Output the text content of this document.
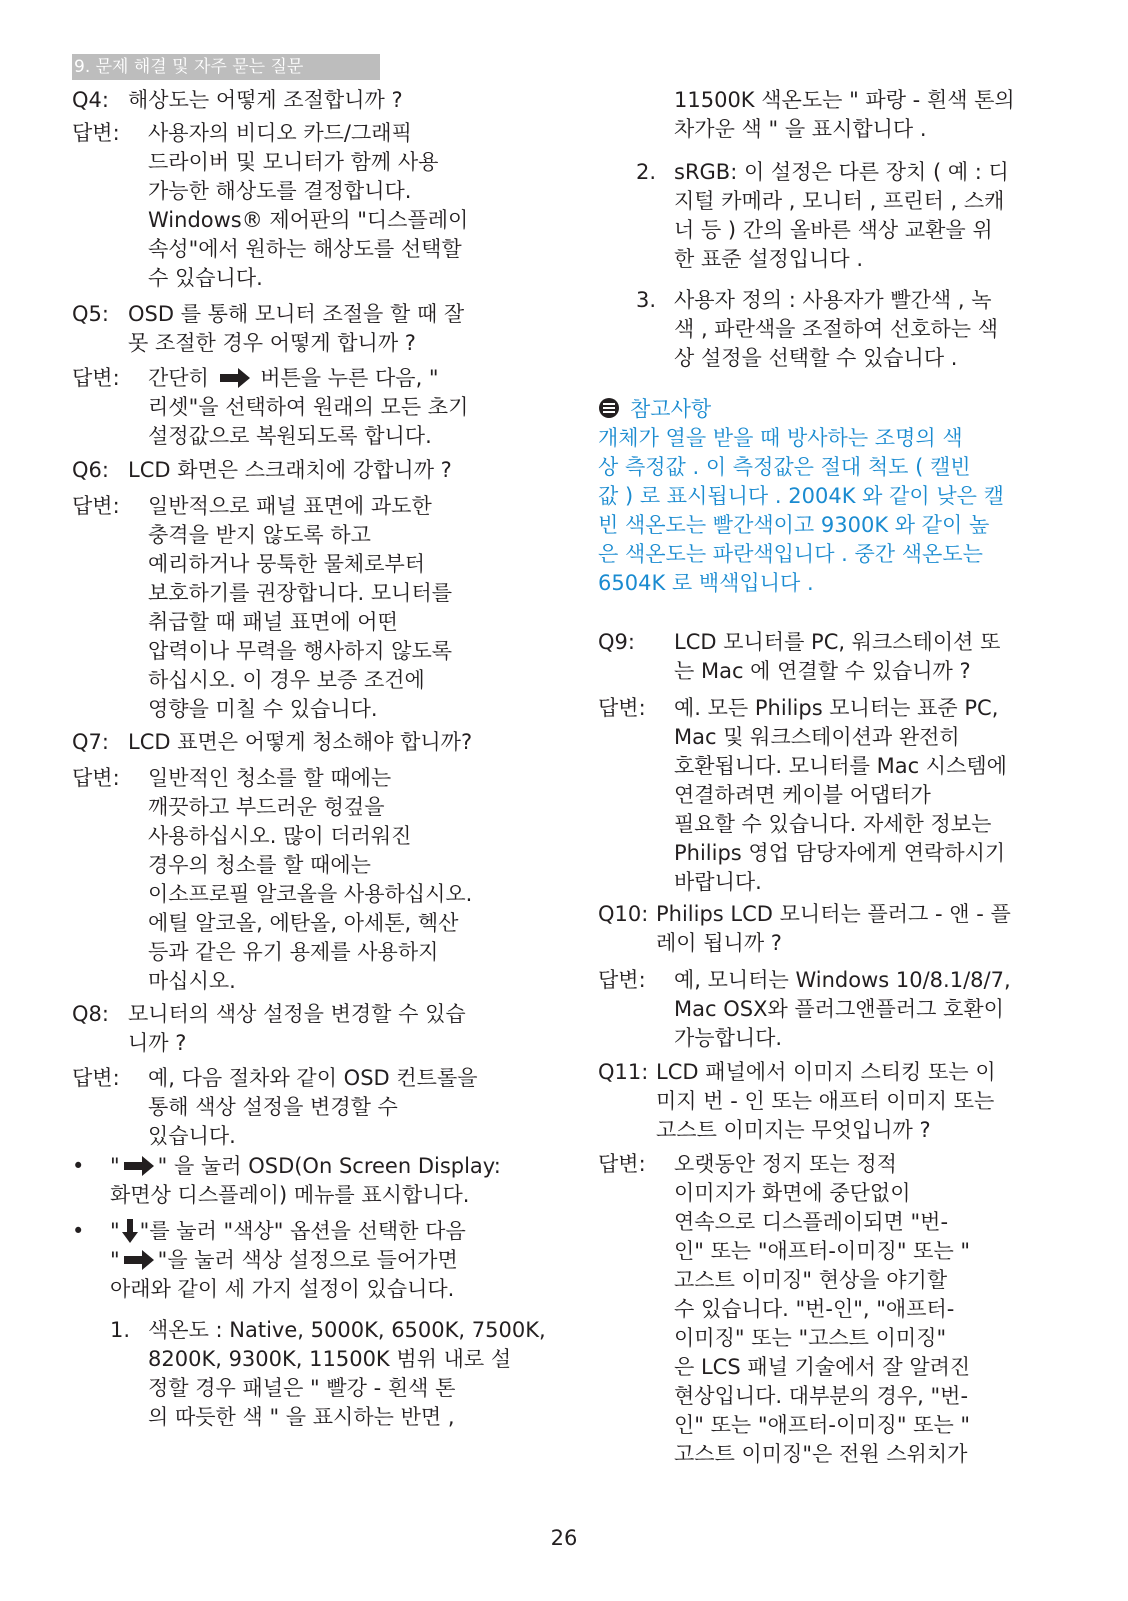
9. 문제 해결 및 자주 묻는 질문
Q4: 해상도는 어떻게 조절합니까 ?
답변:	사용자의 비디오 카드/그래픽
드라이버 및 모니터가 함께 사용
가능한 해상도를 결정합니다.
Windows® 제어판의 "디스플레이
속성"에서 원하는 해상도를 선택할
수 있습니다.
Q5: OSD 를 통해 모니터 조절을 할 때 잘
못 조절한 경우 어떻게 합니까 ?
답변:	간단히 버튼을 누른 다음, "
리셋"을 선택하여 원래의 모든 초기
설정값으로 복원되도록 합니다.
Q6: LCD 화면은 스크래치에 강합니까 ?
답변:	일반적으로 패널 표면에 과도한
충격을 받지 않도록 하고
예리하거나 뭉툭한 물체로부터
보호하기를 권장합니다. 모니터를
취급할 때 패널 표면에 어떤
압력이나 무력을 행사하지 않도록
하십시오. 이 경우 보증 조건에
영향을 미칠 수 있습니다.
Q7: LCD 표면은 어떻게 청소해야 합니까?
답변:	일반적인 청소를 할 때에는
깨끗하고 부드러운 헝겊을
사용하십시오. 많이 더러워진
경우의 청소를 할 때에는
이소프로필 알코올을 사용하십시오.
에틸 알코올, 에탄올, 아세톤, 헥산
등과 같은 유기 용제를 사용하지
마십시오.
Q8: 모니터의 색상 설정을 변경할 수 있습
니까 ?
답변:	예, 다음 절차와 같이 OSD 컨트롤을
통해 색상 설정을 변경할 수
있습니다.
•	" " 을 눌러 OSD(On Screen Display:
화면상 디스플레이) 메뉴를 표시합니다.
•	" "를 눌러 "색상" 옵션을 선택한 다음
" "을 눌러 색상 설정으로 들어가면
아래와 같이 세 가지 설정이 있습니다.
1. 색온도 : Native, 5000K, 6500K, 7500K,
8200K, 9300K, 11500K 범위 내로 설
정할 경우 패널은 " 빨강 - 흰색 톤
의 따듯한 색 " 을 표시하는 반면 ,
11500K 색온도는 " 파랑 - 흰색 톤의
차가운 색 " 을 표시합니다 .
2. sRGB: 이 설정은 다른 장치 ( 예 : 디
지털 카메라 , 모니터 , 프린터 , 스캐
너 등 ) 간의 올바른 색상 교환을 위
한 표준 설정입니다 .
3. 사용자 정의 : 사용자가 빨간색 , 녹
색 , 파란색을 조절하여 선호하는 색
상 설정을 선택할 수 있습니다 .
참고사항
개체가 열을 받을 때 방사하는 조명의 색
상 측정값 . 이 측정값은 절대 척도 ( 캘빈
값 ) 로 표시됩니다 . 2004K 와 같이 낮은 캘
빈 색온도는 빨간색이고 9300K 와 같이 높
은 색온도는 파란색입니다 . 중간 색온도는
6504K 로 백색입니다 .
Q9:	LCD 모니터를 PC, 워크스테이션 또
는 Mac 에 연결할 수 있습니까 ?
답변:	예. 모든 Philips 모니터는 표준 PC,
Mac 및 워크스테이션과 완전히
호환됩니다. 모니터를 Mac 시스템에
연결하려면 케이블 어댑터가
필요할 수 있습니다. 자세한 정보는
Philips 영업 담당자에게 연락하시기
바랍니다.
Q10: Philips LCD 모니터는 플러그 - 앤 - 플
레이 됩니까 ?
답변:	예, 모니터는 Windows 10/8.1/8/7,
Mac OSX와 플러그앤플러그 호환이
가능합니다.
Q11: LCD 패널에서 이미지 스티킹 또는 이
미지 번 - 인 또는 애프터 이미지 또는
고스트 이미지는 무엇입니까 ?
답변:	오랫동안 정지 또는 정적
이미지가 화면에 중단없이
연속으로 디스플레이되면 "번-
인" 또는 "애프터-이미징" 또는 "
고스트 이미징" 현상을 야기할
수 있습니다. "번-인", "애프터-
이미징" 또는 "고스트 이미징"
은 LCS 패널 기술에서 잘 알려진
현상입니다. 대부분의 경우, "번-
인" 또는 "애프터-이미징" 또는 "
고스트 이미징"은 전원 스위치가
26
